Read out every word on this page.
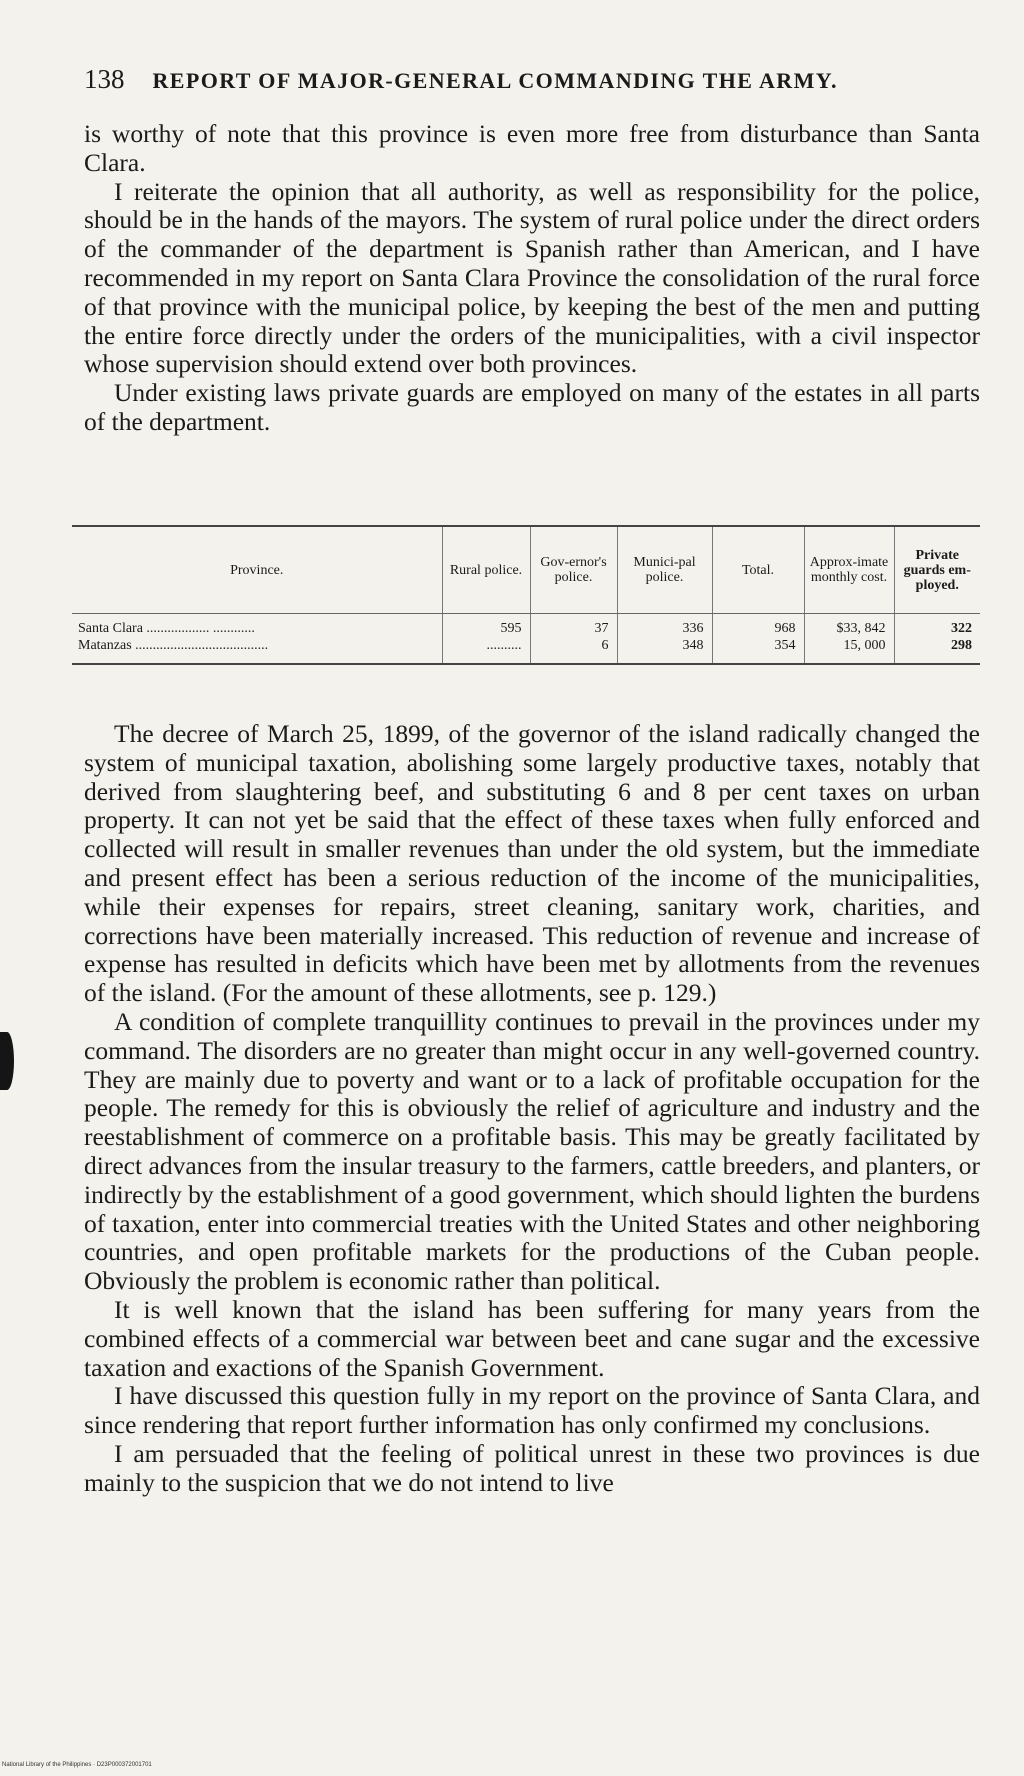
138 REPORT OF MAJOR-GENERAL COMMANDING THE ARMY.

is worthy of note that this province is even more free from disturbance than Santa Clara.

I reiterate the opinion that all authority, as well as responsibility for the police, should be in the hands of the mayors. The system of rural police under the direct orders of the commander of the department is Spanish rather than American, and I have recommended in my report on Santa Clara Province the consolidation of the rural force of that province with the municipal police, by keeping the best of the men and putting the entire force directly under the orders of the municipalities, with a civil inspector whose supervision should extend over both provinces.

Under existing laws private guards are employed on many of the estates in all parts of the department.

Province.	Rural police.	Gov-ernor's police.	Munici-pal police.	Total.	Approx-imate monthly cost.	Private guards em-ployed.
Santa Clara .................. ............	595	37	336	968	$33, 842	322
Matanzas ......................................	..........	6	348	354	15, 000	298

The decree of March 25, 1899, of the governor of the island radically changed the system of municipal taxation, abolishing some largely productive taxes, notably that derived from slaughtering beef, and substituting 6 and 8 per cent taxes on urban property. It can not yet be said that the effect of these taxes when fully enforced and collected will result in smaller revenues than under the old system, but the immediate and present effect has been a serious reduction of the income of the municipalities, while their expenses for repairs, street cleaning, sanitary work, charities, and corrections have been materially increased. This reduction of revenue and increase of expense has resulted in deficits which have been met by allotments from the revenues of the island. (For the amount of these allotments, see p. 129.)

A condition of complete tranquillity continues to prevail in the provinces under my command. The disorders are no greater than might occur in any well-governed country. They are mainly due to poverty and want or to a lack of profitable occupation for the people. The remedy for this is obviously the relief of agriculture and industry and the reestablishment of commerce on a profitable basis. This may be greatly facilitated by direct advances from the insular treasury to the farmers, cattle breeders, and planters, or indirectly by the establishment of a good government, which should lighten the burdens of taxation, enter into commercial treaties with the United States and other neighboring countries, and open profitable markets for the productions of the Cuban people. Obviously the problem is economic rather than political.

It is well known that the island has been suffering for many years from the combined effects of a commercial war between beet and cane sugar and the excessive taxation and exactions of the Spanish Government.

I have discussed this question fully in my report on the province of Santa Clara, and since rendering that report further information has only confirmed my conclusions.

I am persuaded that the feeling of political unrest in these two provinces is due mainly to the suspicion that we do not intend to live

National Library of the Philippines · D23P000372001701
